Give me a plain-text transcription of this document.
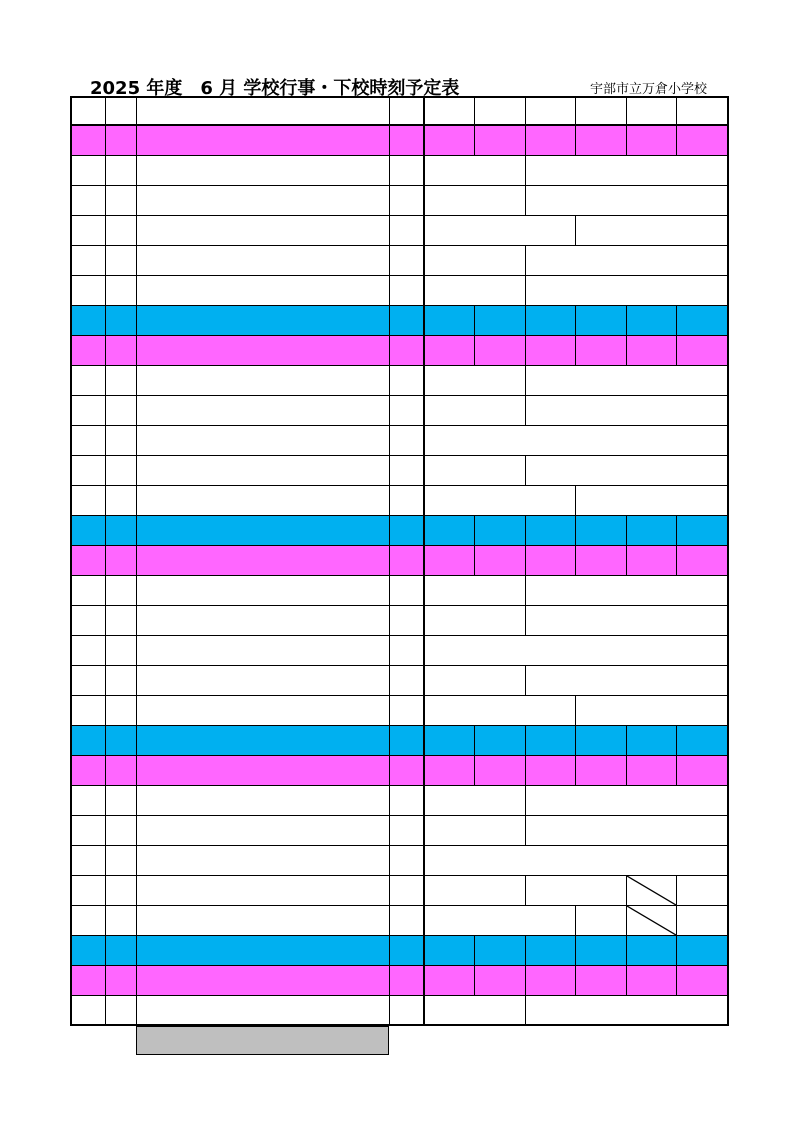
2025 年度　6 月 学校行事・下校時刻予定表	宇部市立万倉小学校
